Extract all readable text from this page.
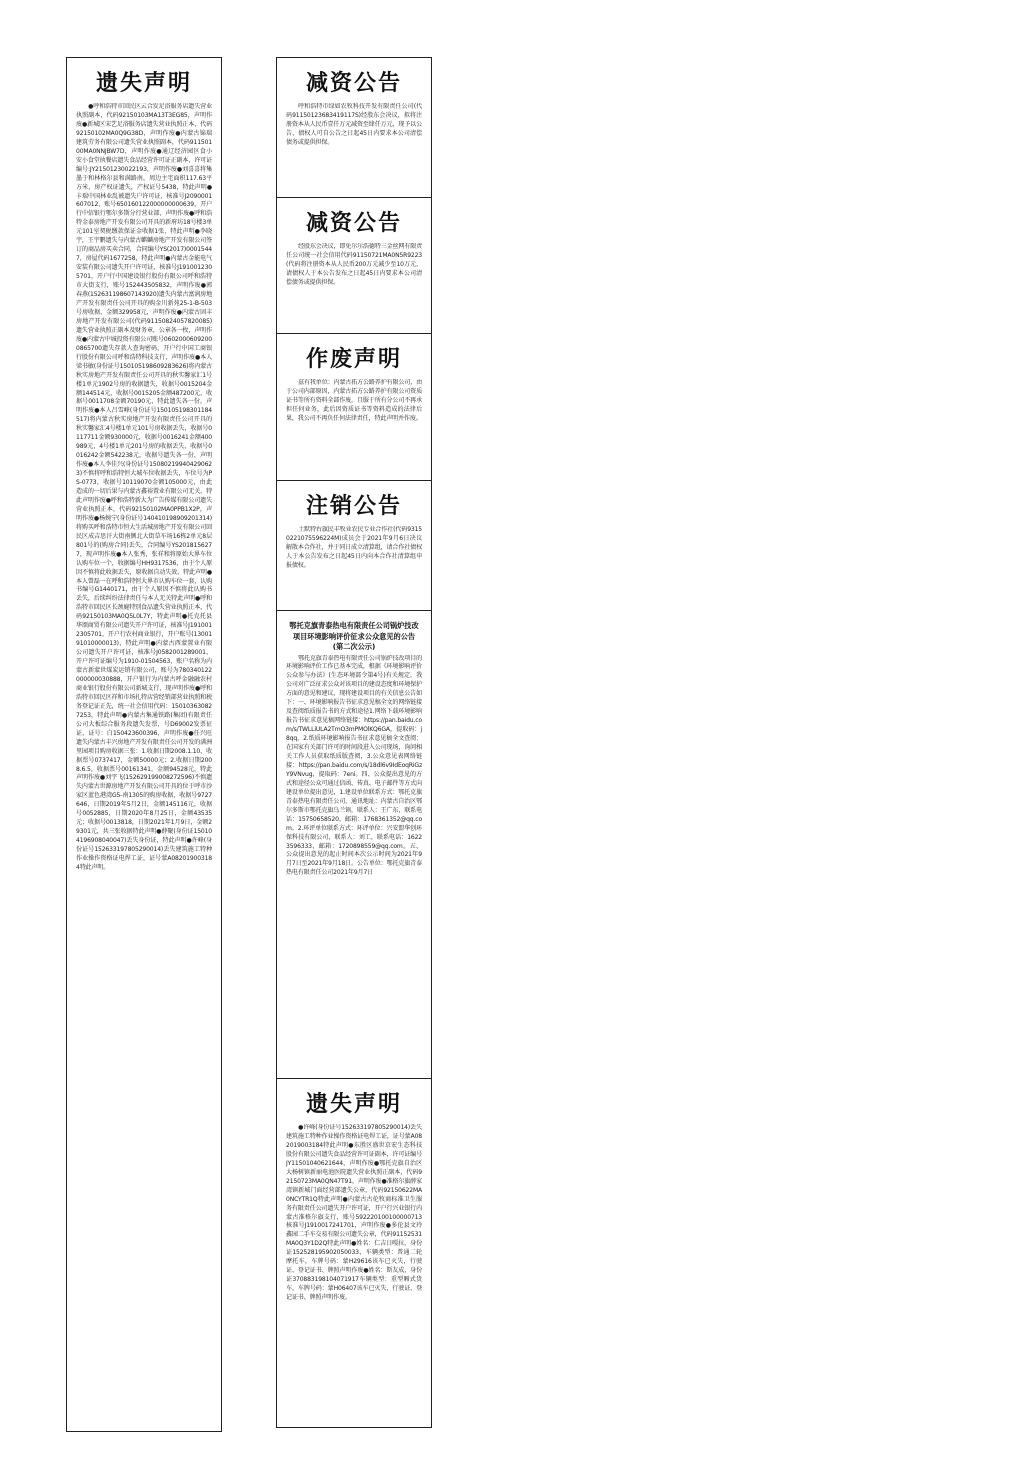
遗失声明
●呼和浩特市回民区云合发足浴服务店遗失营业执照副本，代码92150103MA13T3EG85，声明作废●新城区宋艺足浴服务店遗失营业执照正本，代码92150102MA0Q9G38D，声明作废●内蒙古锦瑞建筑劳务有限公司遗失营业执照副本，代码91150100MA0NNJBW7D，声明作废●通辽经济园区食小安小食堂执餐店遗失食品经营许可证正副本，许可证编号:JY21501230022193，声明作废●刘喜喜将集墨于和林格尔县和满路南，周边主宅面积117.63平方米，房产权证遗失，产权证号5438，特此声明●卡瑞中国林业乱被遗失户许可证，核准号J2090001607012，账号650160122000000000639，开户行中信银行鄂尔多斯分行营业部，声明作废●呼和浩特金泰房地产开发有限公司开具的新府坊18号楼3单元101室契税缴款保证金收据1张，特此声明●李晓宇，王宇鹏遗失与内蒙古麒麟房地产开发有限公司签订的商品房买卖合同，合同编号YS(2017)00015447，房屋代码1677258，特此声明●内蒙古金能电气安装有限公司遗失开户许可证，核准号J1910012305701，开户行中国建设银行股份有限公司呼和浩特市大街支行，账号152443505832，声明作废●郭春燕(152631198607143920)遗失内蒙古富润房地产开发有限责任公司开具的购金川新苑25-1-B-503号房收据，金额329958元，声明作废●内蒙古固丰房地产开发有限公司(代码91150824057820085)遗失营业执照正副本及财务章，公章各一枚，声明作废●内蒙古中城投资有限公司账号06020006092000865700遗失存款人查询密码，开户行中国工商银行股份有限公司呼和浩特科技支行，声明作废●本人梁书敏(身份证号150105198609283626)将内蒙古秋实房地产开发有限责任公司开具的秋实馨家汇1号楼1单元1902号房的收据遗失，收据号0015204金额144514元，收据号0015205金额487200元，收据号0011708金额70190元，特此遗失各一份，声明作废●本人吕雪峰(身份证号150105198301184517)将内蒙古秋实房地产开发有限责任公司开具的秋实馨家汇4号楼1单元101号房收据丢失，收据号0117711金额930000元，收据号0016241金额400989元，4号楼1单元201号房的收据丢失，收据号0016242金额542238元，收据号遗失各一份，声明作废●本人李佳兴(身份证号150802199404290623)不慎将呼和浩特恒大城车位收据丢失，车位号为PS-0773，收据号10119070金额105000元，由此造成的一切后果与内蒙古鑫裕置业有限公司无关，特此声明作废●呼和浩特新大为广告传媒有限公司遗失营业执照正本，代码92150102MA0PPB1X2P，声明作废●杨婉宁(身份证号140410198909201314)将购买呼和浩特市恒大生活城房地产开发有限公司回民区成吉思汗大街南侧北大街草车场16栋2单元8层801号的(购房合同)丢失，合同编号YS2018156277，现声明作废●本人张秀，张祥和将原始大界车位认购车位一个，收据编号HH9317536，由于个人原因不慎将此收据丢失，原收据自动失效，特此声明●本人曾磊一在呼和浩特恒大界市认购车位一套，认购书编号G1440171，由于个人原因不慎将此认购书丢失，后续纠纷法律责任与本人无关特此声明●呼和浩特市回民区长颈鹿特别食品遗失营业执照正本，代码92150103MA0Q5L0L7Y，特此声明●托克托县华颂商贸有限公司遗失开户许可证，核准号J1910012305701，开户行农村商业银行，开户账号(1300191010000013)，特此声明●内蒙古西蒙置业有限公司遗失开户许可证，核准号J0582001289001，开户许可证编号为1910-01504563，账户名称为内蒙古新蒙世煤炭运销有限公司，账号为780340122000000030888，开户银行为内蒙古呼金融融农村商业银行股份有限公司新城支行，现声明作废●呼和浩特市回民区祥和市场扎特店营经销部营业执照和税务登记证正先，统一社会信用代码：150103630827253，特此声明●内蒙古集通铁路(集团)有限责任公司大板综合服务段遗失发票，号D69002发票征证，证号：白150423600396，声明作废●任兴旺遗失内蒙古丰兴房地产开发有限责任公司开发的满洲里园项目购房收据三张：1.收据日期2008.1.10，收据票号0737417，金额50000元；2.收据日期2008.6.5，收据票号00161341，金额94528元，特此声明作废●刘宇飞(152629199008272596)不慎遗失内蒙古世源房地产开发有限公司开具的位于呼市沙家区蓝色港湾G5-南1305的购房收据，收据号9727646，日期2019年5月2日，金额145116元，收据号0052885，日期2020年8月25日，金额43535元；收据号0013818，日期2021年1月9日，金额29301元，共三张收据特此声明●薛聚(身份证150104196908040047)丢失身份证，特此声明●许峰(身份证号152633197805290014)丢失建筑施工特种作业操作资格证电焊工证，证号蒙A082019003184特此声明。
减资公告
呼和浩特市绿如农牧科技开发有限责任公司(代码91150123683419117S)经股东会决议，拟将注册资本从人民币壹仟万元减资至肆仟万元，现予以公告，债权人可自公告之日起45日内要求本公司清偿债务或提供担保。
减资公告
经股东会决议，即免尔尔浩德特三金丝网有限责任公司统一社会信用代码91150721MA0N5R9223(代码将注册资本从人民币200万元减少至10万元，请债权人于本公告发布之日起45日内要求本公司清偿债务或提供担保。
作废声明
兹有我单位：内蒙古拓方公路养护有限公司，由于公司内部原因，内蒙古拓方公路养护有限公司资质证书等所有资料全部作废，且服于所有分公司不再承担任何业务，此后因资质证书等资料造成的法律后果，我公司不再负任何法律责任，特此声明并作废。
注销公告
土默特右旗民丰牧业农民专业合作社(代码93150221075596224M)成员会于2021年9月6日决议解散本合作社，并于同日成立清算组，请合作社债权人于本公告发布之日起45日内向本合作社清算组申报债权。
鄂托克旗青泰热电有限责任公司锅炉技改项目环境影响评价征求公众意见的公告(第二次公示)
鄂托克旗青泰热电有限责任公司锅炉技改项目的环境影响评价工作已基本完成，根据《环境影响评价公众参与办法》(生态环境部令第4号)有关规定，我公司对广泛征求公众对该项目的建设态度和环境保护方面的意见和建议，现将建设项目的有关信息公告如下：一、环境影响报告书征求意见稿全文的网络链接及查阅纸质报告书的方式和途径1.网络下载环境影响报告书征求意见稿网络链接：https://pan.baidu.com/s/TWLLiULA2TmO3mPMOlKQ6GA，提取码：j8qq，2.纸质环境影响报告书征求意见稿全文查阅：在国家有关部门许可的时间段进入公司现场，询问相关工作人员获取纸质版查阅，3.公众意见表网络链接：https://pan.baidu.com/s/18dl6v9IdEoqRiGzY9VNvug，提取码：7eni。四、公众提出意见的方式和途径公众可通过信函、传真、电子邮件等方式向建设单位提出意见，1.建设单位联系方式：鄂托克旗青泰热电有限责任公司，通讯地址：内蒙古自治区鄂尔多斯市鄂托克旗乌兰镇，联系人：王广东，联系电话：15750658520，邮箱：1768361352@qq.com。2.环评单位联系方式：环评单位：兴安盟华创环保科技有限公司，联系人：刘工，联系电话：16223596333，邮箱：1720898559@qq.com。五、公众提出意见的起止时间本次公示时间为2021年9月7日至2021年9月18日。公告单位：鄂托克旗青泰热电有限责任公司2021年9月7日
遗失声明
●许峰(身份证号152633197805290014)丢失建筑施工特种作业操作资格证电焊工证，证号蒙A082019003184特此声明●东胜区盛世京宏生态科技股份有限公司遗失食品经营许可证副本，许可证编号JY11501040621644，声明作废●鄂托克旗自治区大杨树镇新丽电池医院遗失营业执照正副本，代码92150723MA0QN47T91，声明作废●准格尔旗薛家湾镇新城门面经营部遗失公章，代码92150622MA0NCYTR1Q特此声明●内蒙古古伦牧商标准卫生服务有限责任公司遗失开户许可证，开户行兴业银行内蒙古准格尔旗支行，账号592220100100000713核准号J1910017241701，声明作废●多伦县文玲鑫园二手车交易有限公司遗失公章，代码91152531MA0Q3Y1D2Q特此声明●姓名：仁吉日嘎拉，身份证152528195902050033，车辆类型：普通二轮摩托车，车牌号码：蒙H29616该车已灭失，行驶证、登记证书、牌照声明作废●姓名：斯友成，身份证370883198104071917车辆类型：重型厢式货车，车牌号码：蒙H06407该车已灭失，行驶证、登记证书、牌照声明作废。
